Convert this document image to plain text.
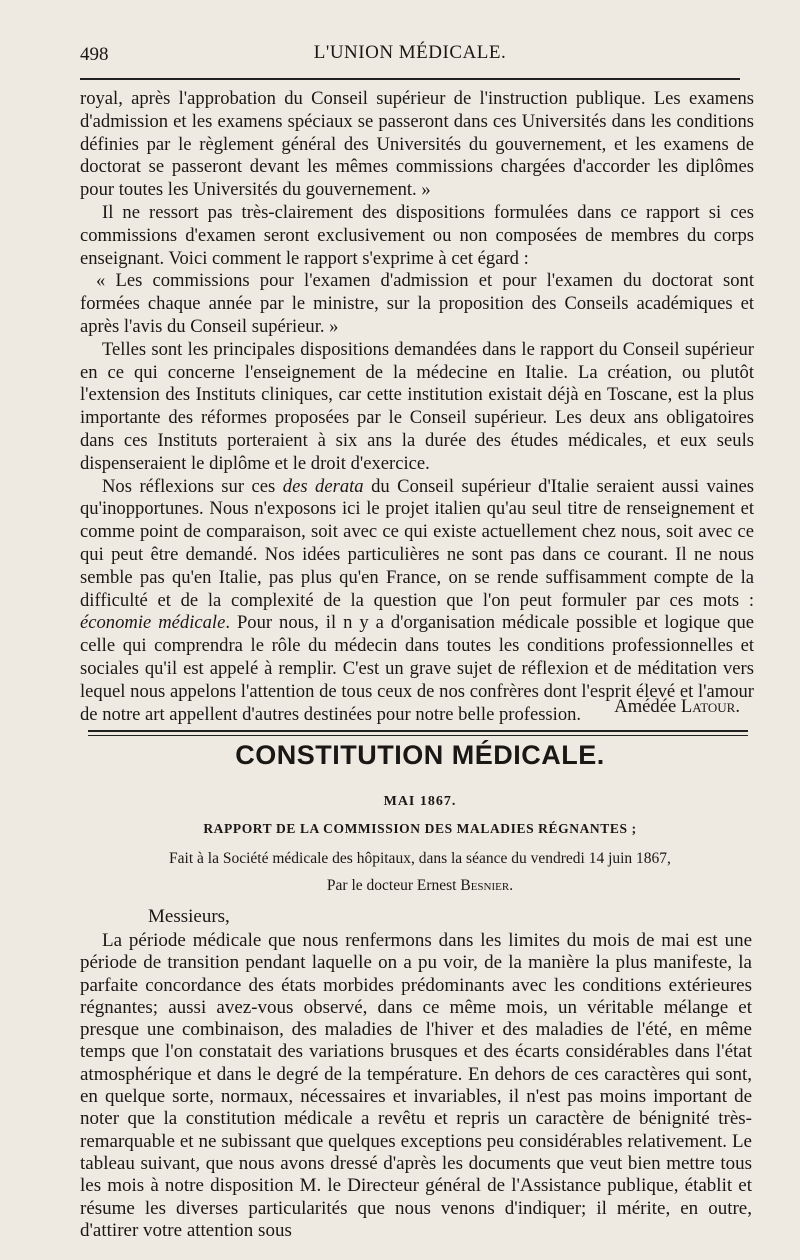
498	L'UNION MÉDICALE.

royal, après l'approbation du Conseil supérieur de l'instruction publique. Les examens d'admission et les examens spéciaux se passeront dans ces Universités dans les conditions définies par le règlement général des Universités du gouvernement, et les examens de doctorat se passeront devant les mêmes commissions chargées d'accorder les diplômes pour toutes les Universités du gouvernement. »

Il ne ressort pas très-clairement des dispositions formulées dans ce rapport si ces commissions d'examen seront exclusivement ou non composées de membres du corps enseignant. Voici comment le rapport s'exprime à cet égard :

« Les commissions pour l'examen d'admission et pour l'examen du doctorat sont formées chaque année par le ministre, sur la proposition des Conseils académiques et après l'avis du Conseil supérieur. »

Telles sont les principales dispositions demandées dans le rapport du Conseil supérieur en ce qui concerne l'enseignement de la médecine en Italie. La création, ou plutôt l'extension des Instituts cliniques, car cette institution existait déjà en Toscane, est la plus importante des réformes proposées par le Conseil supérieur. Les deux ans obligatoires dans ces Instituts porteraient à six ans la durée des études médicales, et eux seuls dispenseraient le diplôme et le droit d'exercice.

Nos réflexions sur ces des derata du Conseil supérieur d'Italie seraient aussi vaines qu'inopportunes. Nous n'exposons ici le projet italien qu'au seul titre de renseignement et comme point de comparaison, soit avec ce qui existe actuellement chez nous, soit avec ce qui peut être demandé. Nos idées particulières ne sont pas dans ce courant. Il ne nous semble pas qu'en Italie, pas plus qu'en France, on se rende suffisamment compte de la difficulté et de la complexité de la question que l'on peut formuler par ces mots : économie médicale. Pour nous, il n y a d'organisation médicale possible et logique que celle qui comprendra le rôle du médecin dans toutes les conditions professionnelles et sociales qu'il est appelé à remplir. C'est un grave sujet de réflexion et de méditation vers lequel nous appelons l'attention de tous ceux de nos confrères dont l'esprit élevé et l'amour de notre art appellent d'autres destinées pour notre belle profession.	Amédée Latour.
CONSTITUTION MÉDICALE.
MAI 1867.
RAPPORT DE LA COMMISSION DES MALADIES RÉGNANTES ;
Fait à la Société médicale des hôpitaux, dans la séance du vendredi 14 juin 1867,
Par le docteur Ernest Besnier.
Messieurs,

La période médicale que nous renfermons dans les limites du mois de mai est une période de transition pendant laquelle on a pu voir, de la manière la plus manifeste, la parfaite concordance des états morbides prédominants avec les conditions extérieures régnantes; aussi avez-vous observé, dans ce même mois, un véritable mélange et presque une combinaison, des maladies de l'hiver et des maladies de l'été, en même temps que l'on constatait des variations brusques et des écarts considérables dans l'état atmosphérique et dans le degré de la température. En dehors de ces caractères qui sont, en quelque sorte, normaux, nécessaires et invariables, il n'est pas moins important de noter que la constitution médicale a revêtu et repris un caractère de bénignité très-remarquable et ne subissant que quelques exceptions peu considérables relativement. Le tableau suivant, que nous avons dressé d'après les documents que veut bien mettre tous les mois à notre disposition M. le Directeur général de l'Assistance publique, établit et résume les diverses particularités que nous venons d'indiquer; il mérite, en outre, d'attirer votre attention sous
